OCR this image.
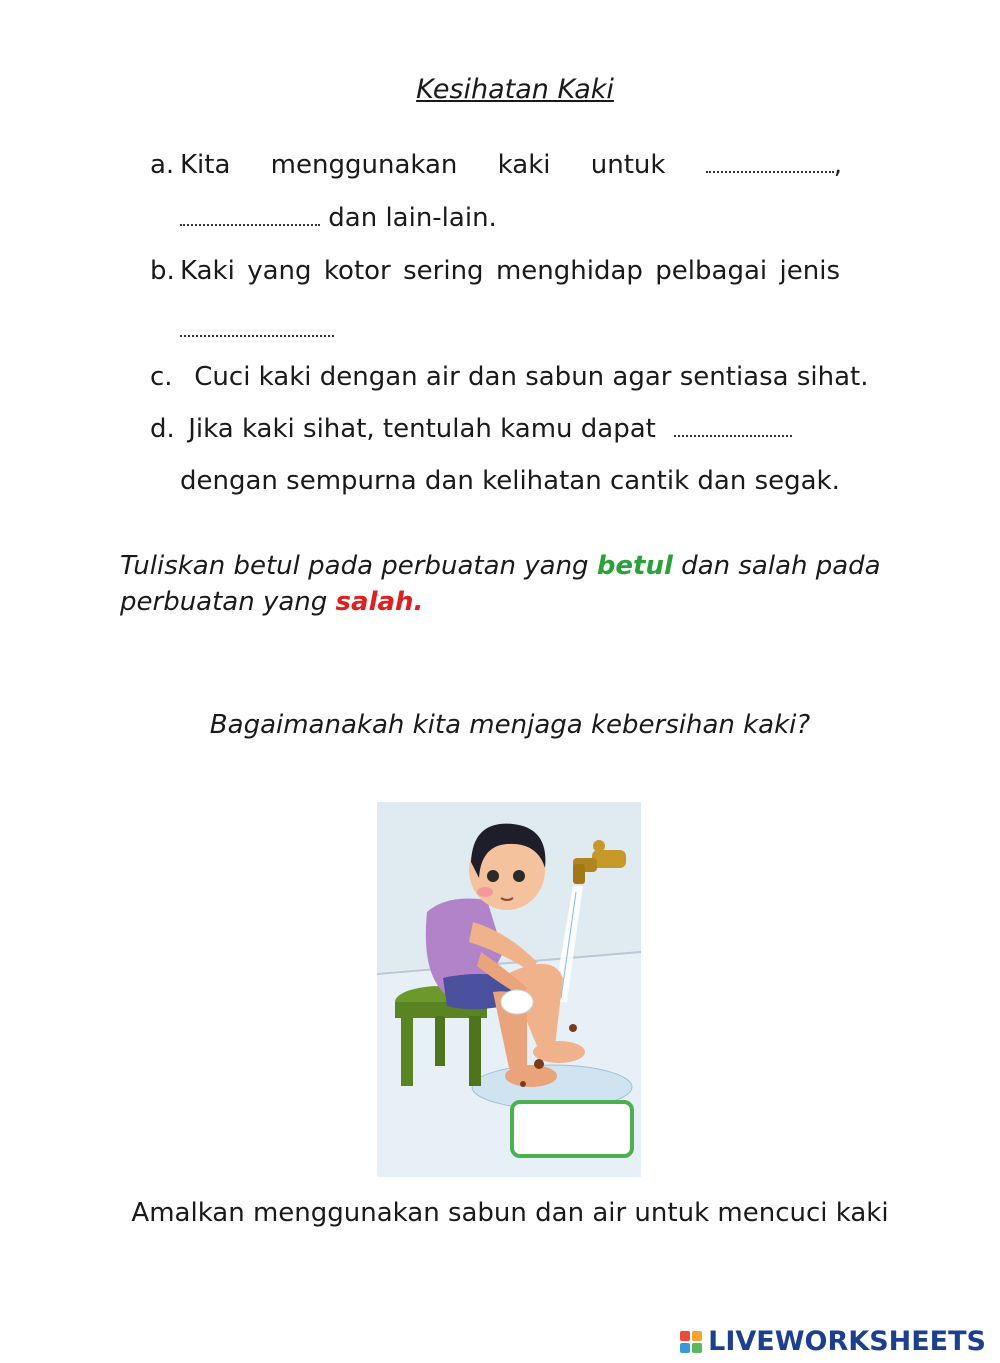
Kesihatan Kaki
a. Kita menggunakan kaki untuk	,
dan lain-lain.
b. Kaki yang kotor sering menghidap pelbagai jenis
c. Cuci kaki dengan air dan sabun agar sentiasa sihat.
d. Jika kaki sihat, tentulah kamu dapat
dengan sempurna dan kelihatan cantik dan segak.
Tuliskan betul pada perbuatan yang betul dan salah pada perbuatan yang salah.
Bagaimanakah kita menjaga kebersihan kaki?
Amalkan menggunakan sabun dan air untuk mencuci kaki
LIVEWORKSHEETS
